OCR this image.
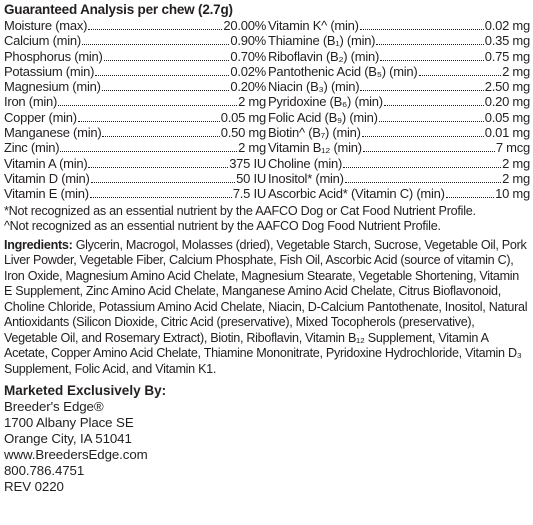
Guaranteed Analysis per chew (2.7g)
Moisture (max)	20.00%
Calcium (min)	0.90%
Phosphorus (min)	0.70%
Potassium (min)	0.02%
Magnesium (min)	0.20%
Iron (min)	2 mg
Copper (min)	0.05 mg
Manganese (min)	0.50 mg
Zinc (min)	2 mg
Vitamin A (min)	375 IU
Vitamin D (min)	50 IU
Vitamin E (min)	7.5 IU
Vitamin K^ (min)	0.02 mg
Thiamine (B₁) (min)	0.35 mg
Riboflavin (B₂) (min)	0.75 mg
Pantothenic Acid (B₅) (min)	2 mg
Niacin (B₃) (min)	2.50 mg
Pyridoxine (B₆) (min)	0.20 mg
Folic Acid (B₉) (min)	0.05 mg
Biotin^ (B₇) (min)	0.01 mg
Vitamin B₁₂ (min)	7 mcg
Choline (min)	2 mg
Inositol* (min)	2 mg
Ascorbic Acid* (Vitamin C) (min)	10 mg
*Not recognized as an essential nutrient by the AAFCO Dog or Cat Food Nutrient Profile.
^Not recognized as an essential nutrient by the AAFCO Dog Food Nutrient Profile.
Ingredients: Glycerin, Macrogol, Molasses (dried), Vegetable Starch, Sucrose, Vegetable Oil, Pork Liver Powder, Vegetable Fiber, Calcium Phosphate, Fish Oil, Ascorbic Acid (source of vitamin C), Iron Oxide, Magnesium Amino Acid Chelate, Magnesium Stearate, Vegetable Shortening, Vitamin E Supplement, Zinc Amino Acid Chelate, Manganese Amino Acid Chelate, Citrus Bioflavonoid, Choline Chloride, Potassium Amino Acid Chelate, Niacin, D-Calcium Pantothenate, Inositol, Natural Antioxidants (Silicon Dioxide, Citric Acid (preservative), Mixed Tocopherols (preservative), Vegetable Oil, and Rosemary Extract), Biotin, Riboflavin, Vitamin B₁₂ Supplement, Vitamin A Acetate, Copper Amino Acid Chelate, Thiamine Mononitrate, Pyridoxine Hydrochloride, Vitamin D₃ Supplement, Folic Acid, and Vitamin K1.
Marketed Exclusively By:
Breeder's Edge®
1700 Albany Place SE
Orange City, IA 51041
www.BreedersEdge.com
800.786.4751
REV 0220
